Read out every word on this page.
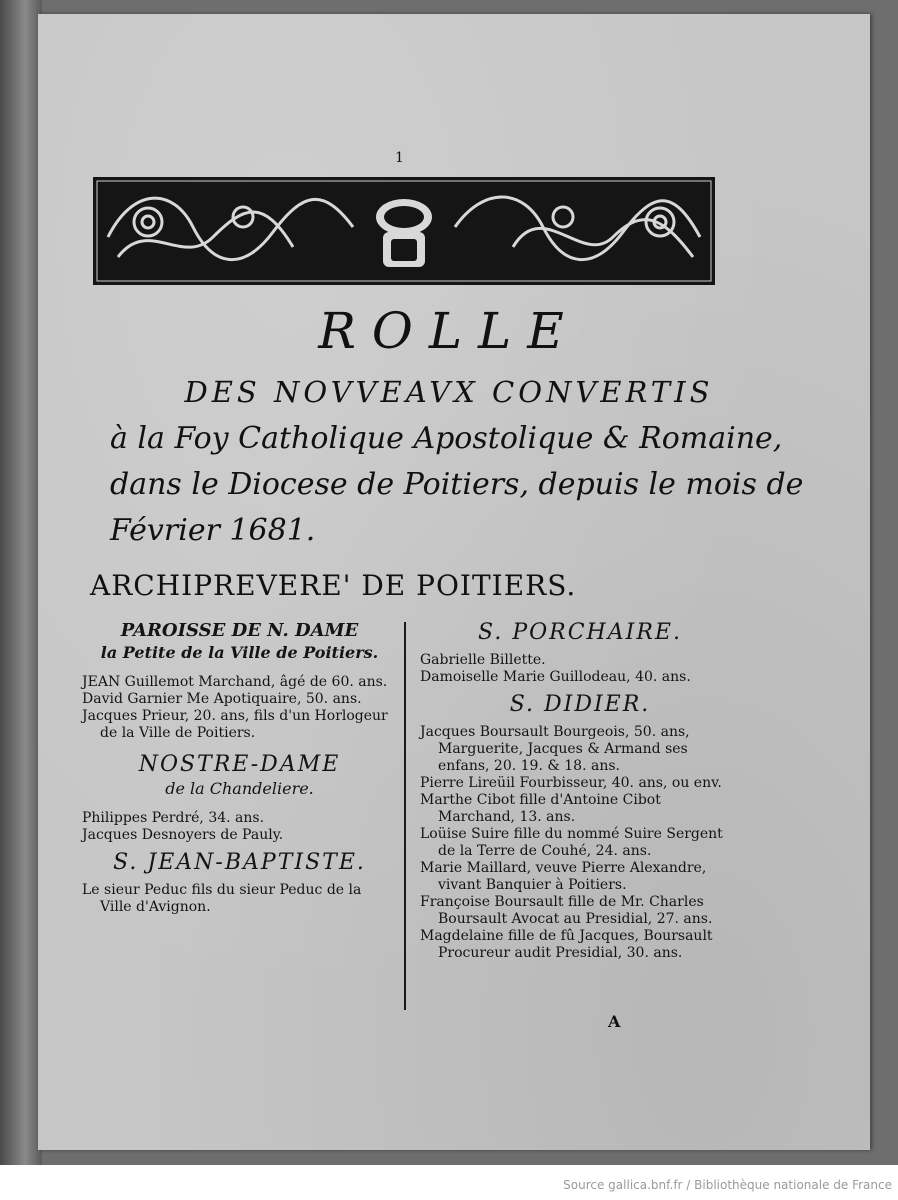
1
ROLLE
DES NOVVEAVX CONVERTIS
à la Foy Catholique Apostolique & Romaine,
dans le Diocese de Poitiers, depuis le mois de
Février 1681.
ARCHIPREVERE' DE POITIERS.
PAROISSE DE N. DAME
la Petite de la Ville de Poitiers.

JEAN Guillemot Marchand, âgé de 60. ans.

David Garnier Me Apotiquaire, 50. ans.

Jacques Prieur, 20. ans, fils d'un Horlogeur de la Ville de Poitiers.

NOSTRE-DAME
de la Chandeliere.

Philippes Perdré, 34. ans.

Jacques Desnoyers de Pauly.

S. JEAN-BAPTISTE.

Le sieur Peduc fils du sieur Peduc de la Ville d'Avignon.

S. PORCHAIRE.

Gabrielle Billette.

Damoiselle Marie Guillodeau, 40. ans.

S. DIDIER.

Jacques Boursault Bourgeois, 50. ans, Marguerite, Jacques & Armand ses enfans, 20. 19. & 18. ans.

Pierre Lireüil Fourbisseur, 40. ans, ou env.

Marthe Cibot fille d'Antoine Cibot Marchand, 13. ans.

Loüise Suire fille du nommé Suire Sergent de la Terre de Couhé, 24. ans.

Marie Maillard, veuve Pierre Alexandre, vivant Banquier à Poitiers.

Françoise Boursault fille de Mr. Charles Boursault Avocat au Presidial, 27. ans.

Magdelaine fille de fû Jacques, Boursault Procureur audit Presidial, 30. ans.

A
Source gallica.bnf.fr / Bibliothèque nationale de France
